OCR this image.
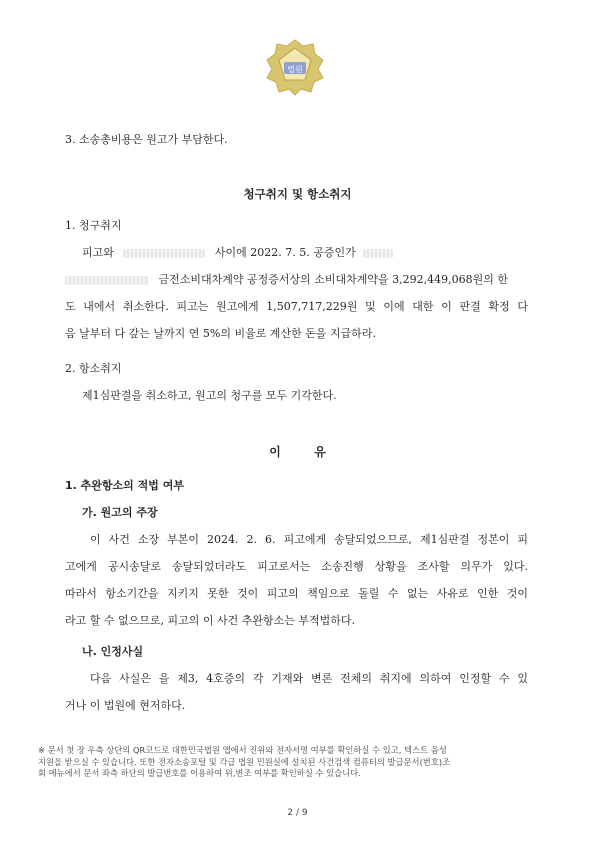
법원
3. 소송총비용은 원고가 부담한다.
청구취지 및 항소취지
1. 청구취지
피고와	사이에 2022. 7. 5. 공증인가
금전소비대차계약 공정증서상의 소비대차계약을 3,292,449,068원의 한
도 내에서 취소한다. 피고는 원고에게 1,507,717,229원 및 이에 대한 이 판결 확정 다
음 날부터 다 갚는 날까지 연 5%의 비율로 계산한 돈을 지급하라.
2. 항소취지
제1심판결을 취소하고, 원고의 청구를 모두 기각한다.
이        유
1. 추완항소의 적법 여부
가. 원고의 주장
이 사건 소장 부본이 2024. 2. 6. 피고에게 송달되었으므로, 제1심판결 정본이 피
고에게 공시송달로 송달되었더라도 피고로서는 소송진행 상황을 조사할 의무가 있다.
따라서 항소기간을 지키지 못한 것이 피고의 책임으로 돌릴 수 없는 사유로 인한 것이
라고 할 수 없으므로, 피고의 이 사건 추완항소는 부적법하다.
나. 인정사실
다음 사실은 을 제3, 4호증의 각 기재와 변론 전체의 취지에 의하여 인정할 수 있
거나 이 법원에 현저하다.
※ 문서 첫 장 우측 상단의 QR코드로 대한민국법원 앱에서 진위와 전자서명 여부를 확인하실 수 있고, 텍스트 음성
지원을 받으실 수 있습니다. 또한 전자소송포털 및 각급 법원 민원실에 설치된 사건검색 컴퓨터의 발급문서(번호)조
회 메뉴에서 문서 좌측 하단의 발급번호를 이용하여 위,변조 여부를 확인하실 수 있습니다.
2 / 9
